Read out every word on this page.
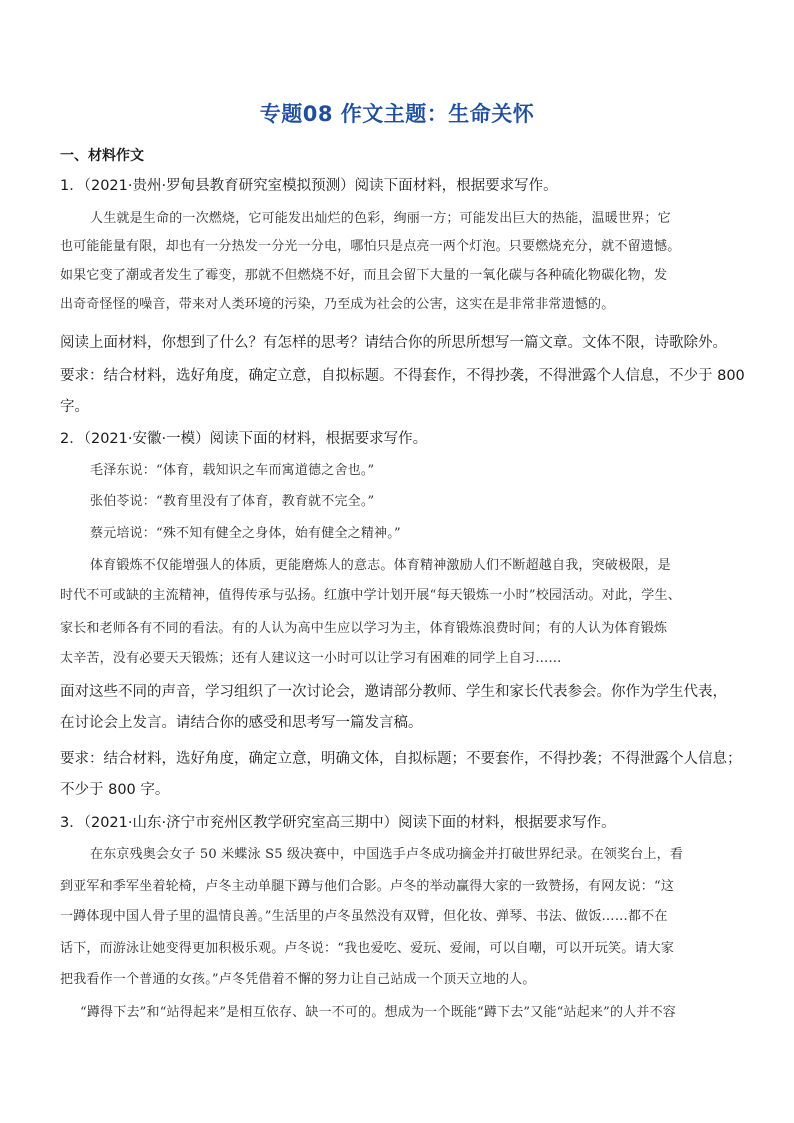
专题08 作文主题：生命关怀
一、材料作文
1．（2021·贵州·罗甸县教育研究室模拟预测）阅读下面材料，根据要求写作。
人生就是生命的一次燃烧，它可能发出灿烂的色彩，绚丽一方；可能发出巨大的热能，温暖世界；它
也可能能量有限，却也有一分热发一分光一分电，哪怕只是点亮一两个灯泡。只要燃烧充分，就不留遗憾。
如果它变了潮或者发生了霉变，那就不但燃烧不好，而且会留下大量的一氧化碳与各种硫化物碳化物，发
出奇奇怪怪的噪音，带来对人类环境的污染，乃至成为社会的公害，这实在是非常非常遗憾的。
阅读上面材料，你想到了什么？有怎样的思考？请结合你的所思所想写一篇文章。文体不限，诗歌除外。
要求：结合材料，选好角度，确定立意，自拟标题。不得套作，不得抄袭，不得泄露个人信息，不少于 800
字。
2．（2021·安徽·一模）阅读下面的材料，根据要求写作。
毛泽东说：“体育，载知识之车而寓道德之舍也。”
张伯苓说：“教育里没有了体育，教育就不完全。”
蔡元培说：“殊不知有健全之身体，始有健全之精神。”
体育锻炼不仅能增强人的体质，更能磨炼人的意志。体育精神激励人们不断超越自我，突破极限，是
时代不可或缺的主流精神，值得传承与弘扬。红旗中学计划开展“每天锻炼一小时”校园活动。对此，学生、
家长和老师各有不同的看法。有的人认为高中生应以学习为主，体育锻炼浪费时间；有的人认为体育锻炼
太辛苦，没有必要天天锻炼；还有人建议这一小时可以让学习有困难的同学上自习……
面对这些不同的声音，学习组织了一次讨论会，邀请部分教师、学生和家长代表参会。你作为学生代表，
在讨论会上发言。请结合你的感受和思考写一篇发言稿。
要求：结合材料，选好角度，确定立意，明确文体，自拟标题；不要套作，不得抄袭；不得泄露个人信息；
不少于 800 字。
3．（2021·山东·济宁市兖州区教学研究室高三期中）阅读下面的材料，根据要求写作。
在东京残奥会女子 50 米蝶泳 S5 级决赛中，中国选手卢冬成功摘金并打破世界纪录。在领奖台上，看
到亚军和季军坐着轮椅，卢冬主动单腿下蹲与他们合影。卢冬的举动赢得大家的一致赞扬，有网友说：“这
一蹲体现中国人骨子里的温情良善。”生活里的卢冬虽然没有双臂，但化妆、弹琴、书法、做饭……都不在
话下，而游泳让她变得更加积极乐观。卢冬说：“我也爱吃、爱玩、爱闹，可以自嘲，可以开玩笑。请大家
把我看作一个普通的女孩。”卢冬凭借着不懈的努力让自己站成一个顶天立地的人。
“蹲得下去”和“站得起来”是相互依存、缺一不可的。想成为一个既能“蹲下去”又能“站起来”的人并不容
